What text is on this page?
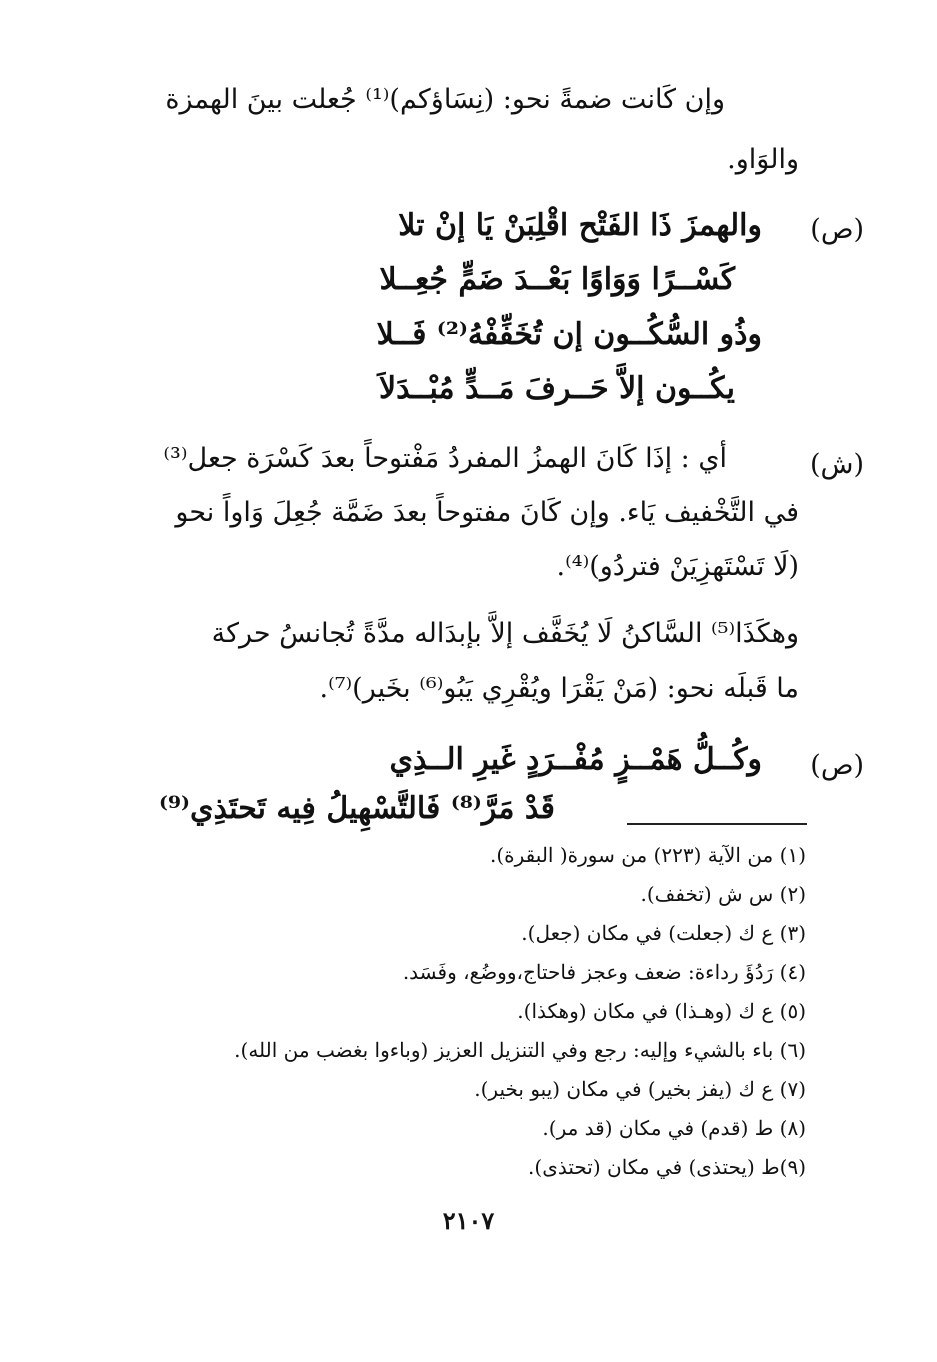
وإن كَانت ضمةً نحو: (نِسَاؤكم)⁽¹⁾ جُعلت بينَ الهمزة
والوَاو.
(ص)
والهمزَ ذَا الفَتْح اقْلِبَنْ يَا إنْ تلا
كَسْــرًا وَوَاوًا بَعْــدَ ضَمٍّ جُعِــلا
وذُو السُّكُــون إن تُخَفِّفْهُ⁽²⁾ فَــلا
يكُــون إلاَّ حَــرفَ مَــدٍّ مُبْــدَلاَ
(ش)
أي : إذَا كَانَ الهمزُ المفردُ مَفْتوحاً بعدَ كَسْرَة جعل⁽³⁾
في التَّخْفيف يَاء. وإن كَانَ مفتوحاً بعدَ ضَمَّة جُعِلَ وَاواً نحو
(لَا تَسْتَهزِيَنْ فتردُو)⁽⁴⁾.
وهكَذَا⁽⁵⁾ السَّاكنُ لَا يُخَفَّف إلاَّ بإبدَاله مدَّةً تُجانسُ حركة
ما قَبلَه نحو: (مَنْ يَقْرَا ويُقْرِي يَبُو⁽⁶⁾ بخَير)⁽⁷⁾.
(ص)
وكُــلُّ هَمْــزٍ مُفْــرَدٍ غَيرِ الــذِي
قَدْ مَرَّ⁽⁸⁾ فَالتَّسْهِيلُ فِيه تَحتَذِي⁽⁹⁾
(١) من الآية (٢٢٣) من سورة( البقرة).
(٢) س ش (تخفف).
(٣) ع ك (جعلت) في مكان (جعل).
(٤) رَدُؤَ رداءة: ضعف وعجز فاحتاج،ووضُع، وفَسَد.
(٥) ع ك (وهـذا) في مكان (وهكذا).
(٦) باء بالشيء وإليه: رجع وفي التنزيل العزيز (وباءوا بغضب من الله).
(٧) ع ك (يفز بخير) في مكان (يبو بخير).
(٨) ط (قدم) في مكان (قد مر).
(٩)ط (يحتذى) في مكان (تحتذى).
٢١٠٧
